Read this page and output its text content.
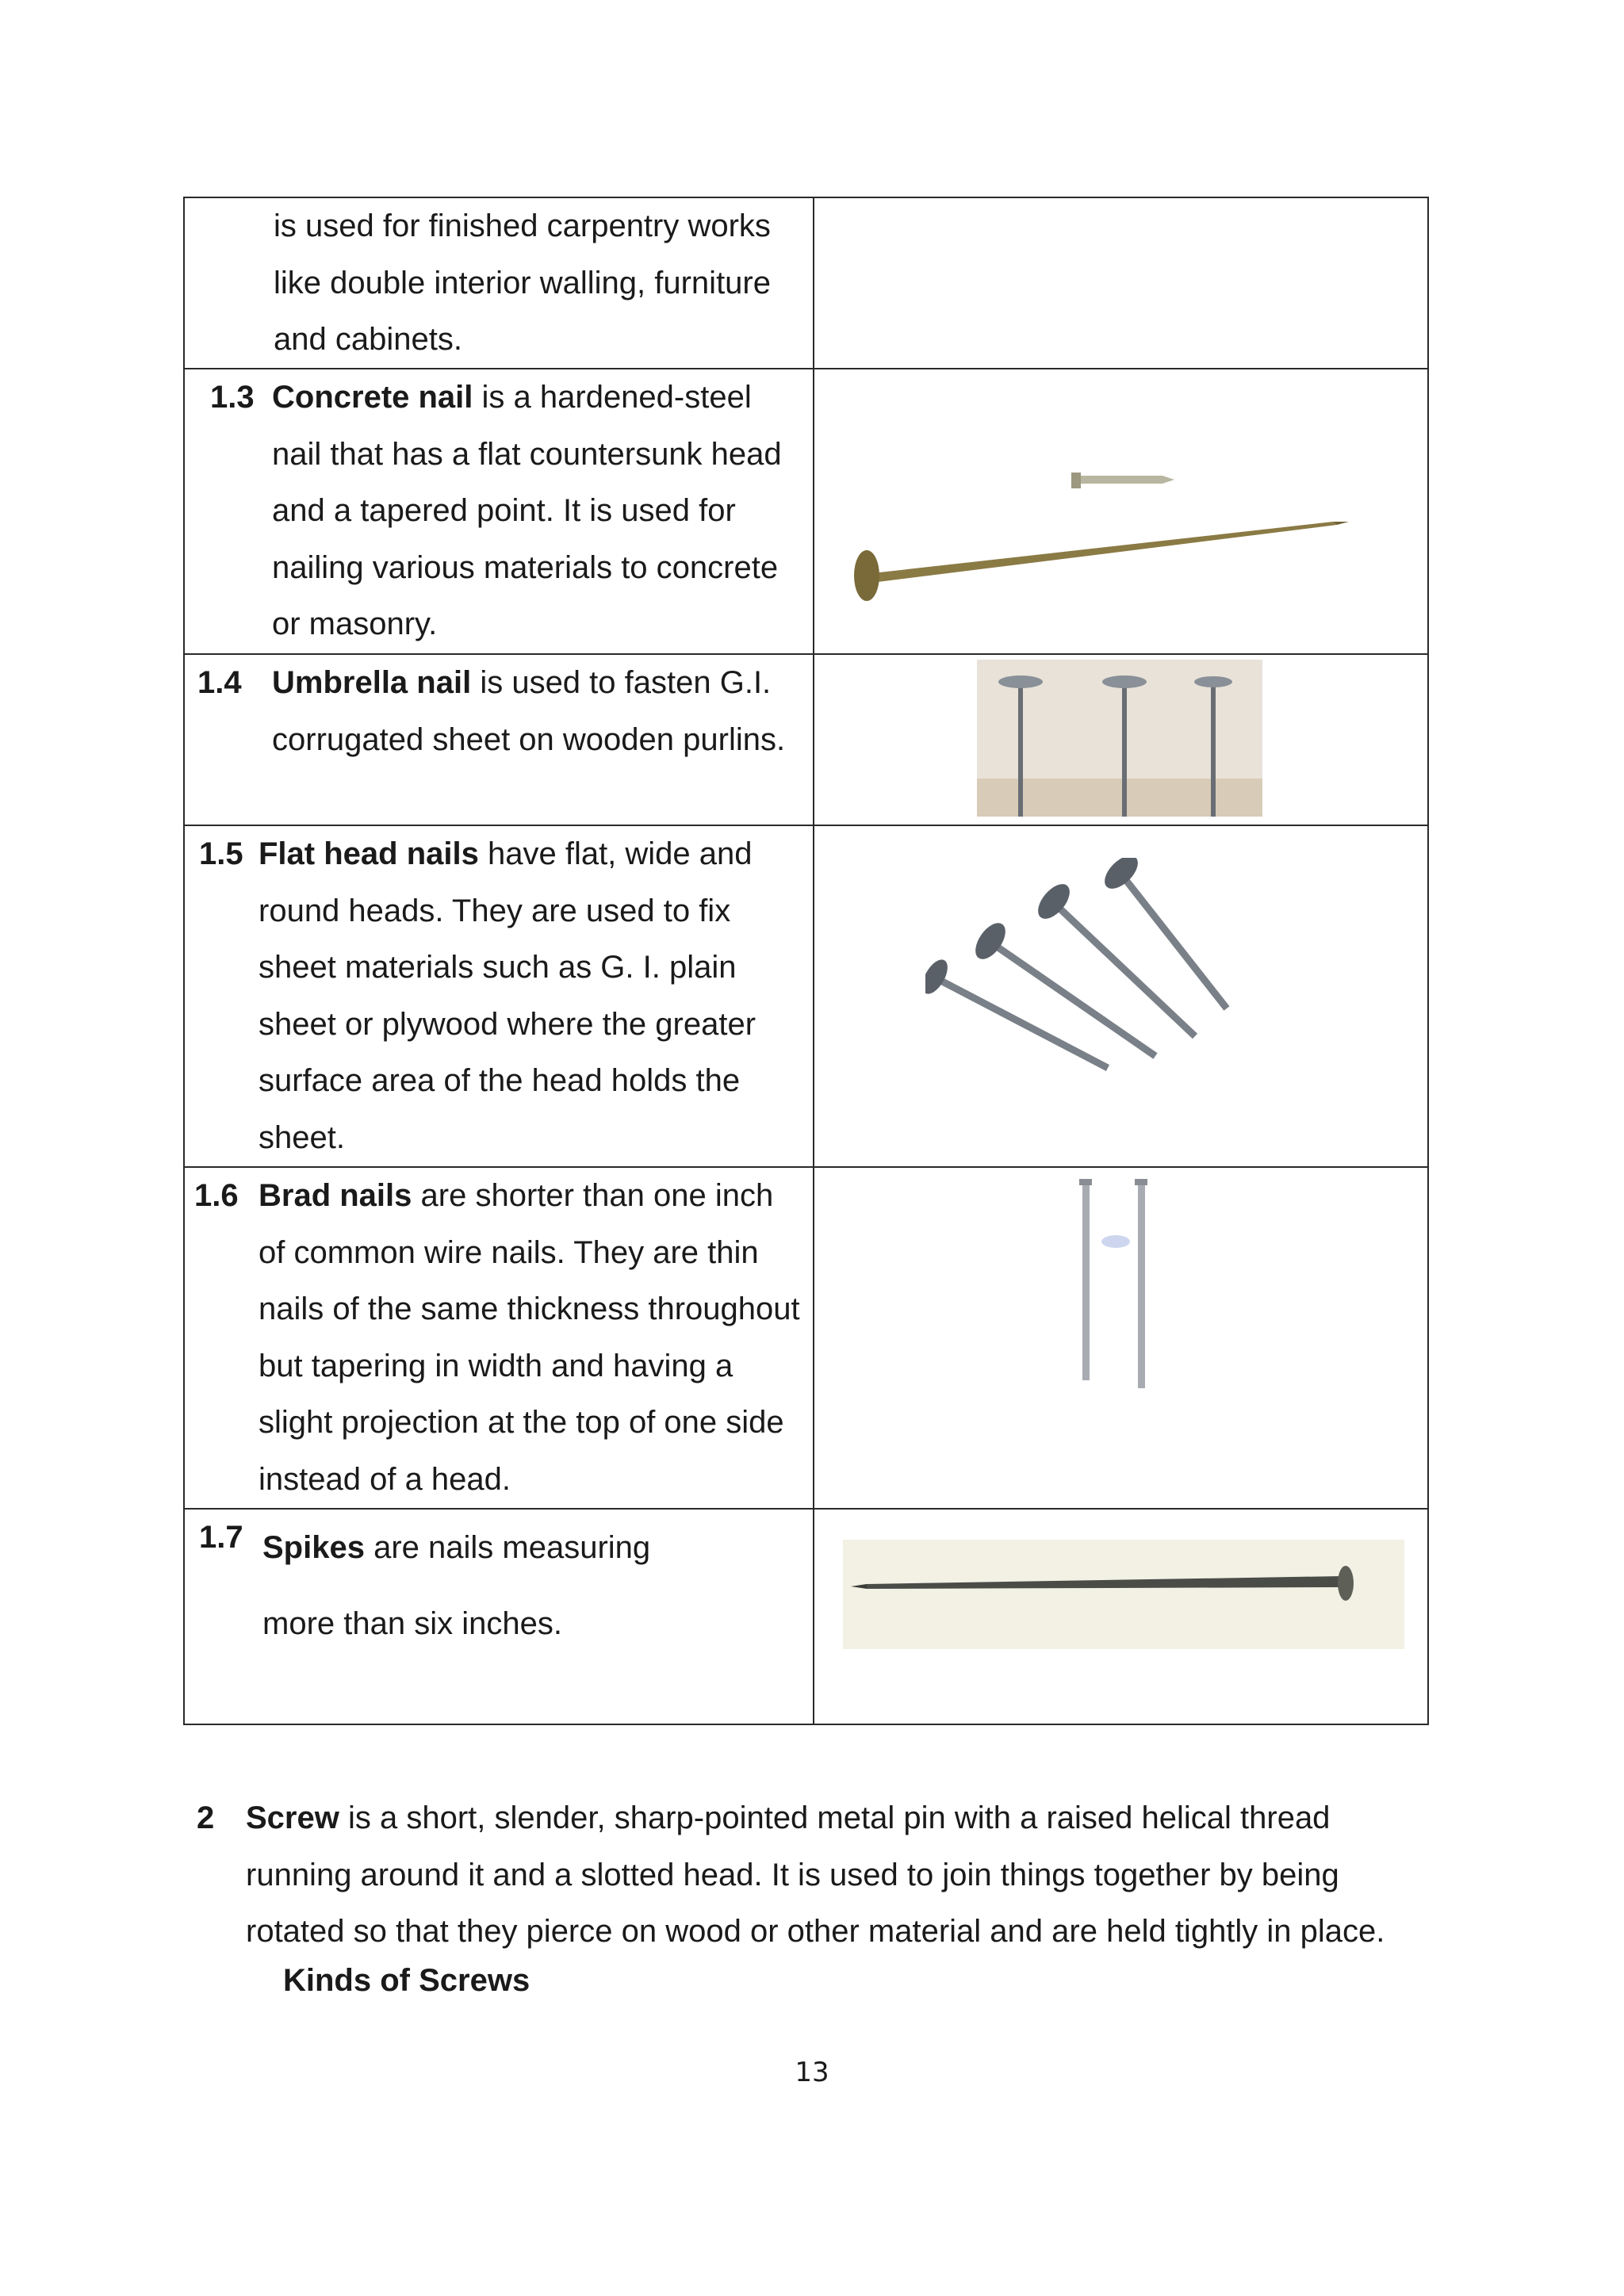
is used for finished carpentry works like double interior walling, furniture and cabinets.	

1.3 Concrete nail is a hardened-steel nail that has a flat countersunk head and a tapered point. It is used for nailing various materials to concrete or masonry.

1.4 Umbrella nail is used to fasten G.I. corrugated sheet on wooden purlins.

1.5 Flat head nails have flat, wide and round heads. They are used to fix sheet materials such as G. I. plain sheet or plywood where the greater surface area of the head holds the sheet.

1.6 Brad nails are shorter than one inch of common wire nails. They are thin nails of the same thickness throughout but tapering in width and having a slight projection at the top of one side instead of a head.

1.7 Spikes are nails measuring more than six inches.

2 Screw is a short, slender, sharp-pointed metal pin with a raised helical thread running around it and a slotted head. It is used to join things together by being rotated so that they pierce on wood or other material and are held tightly in place.
Kinds of Screws
13
